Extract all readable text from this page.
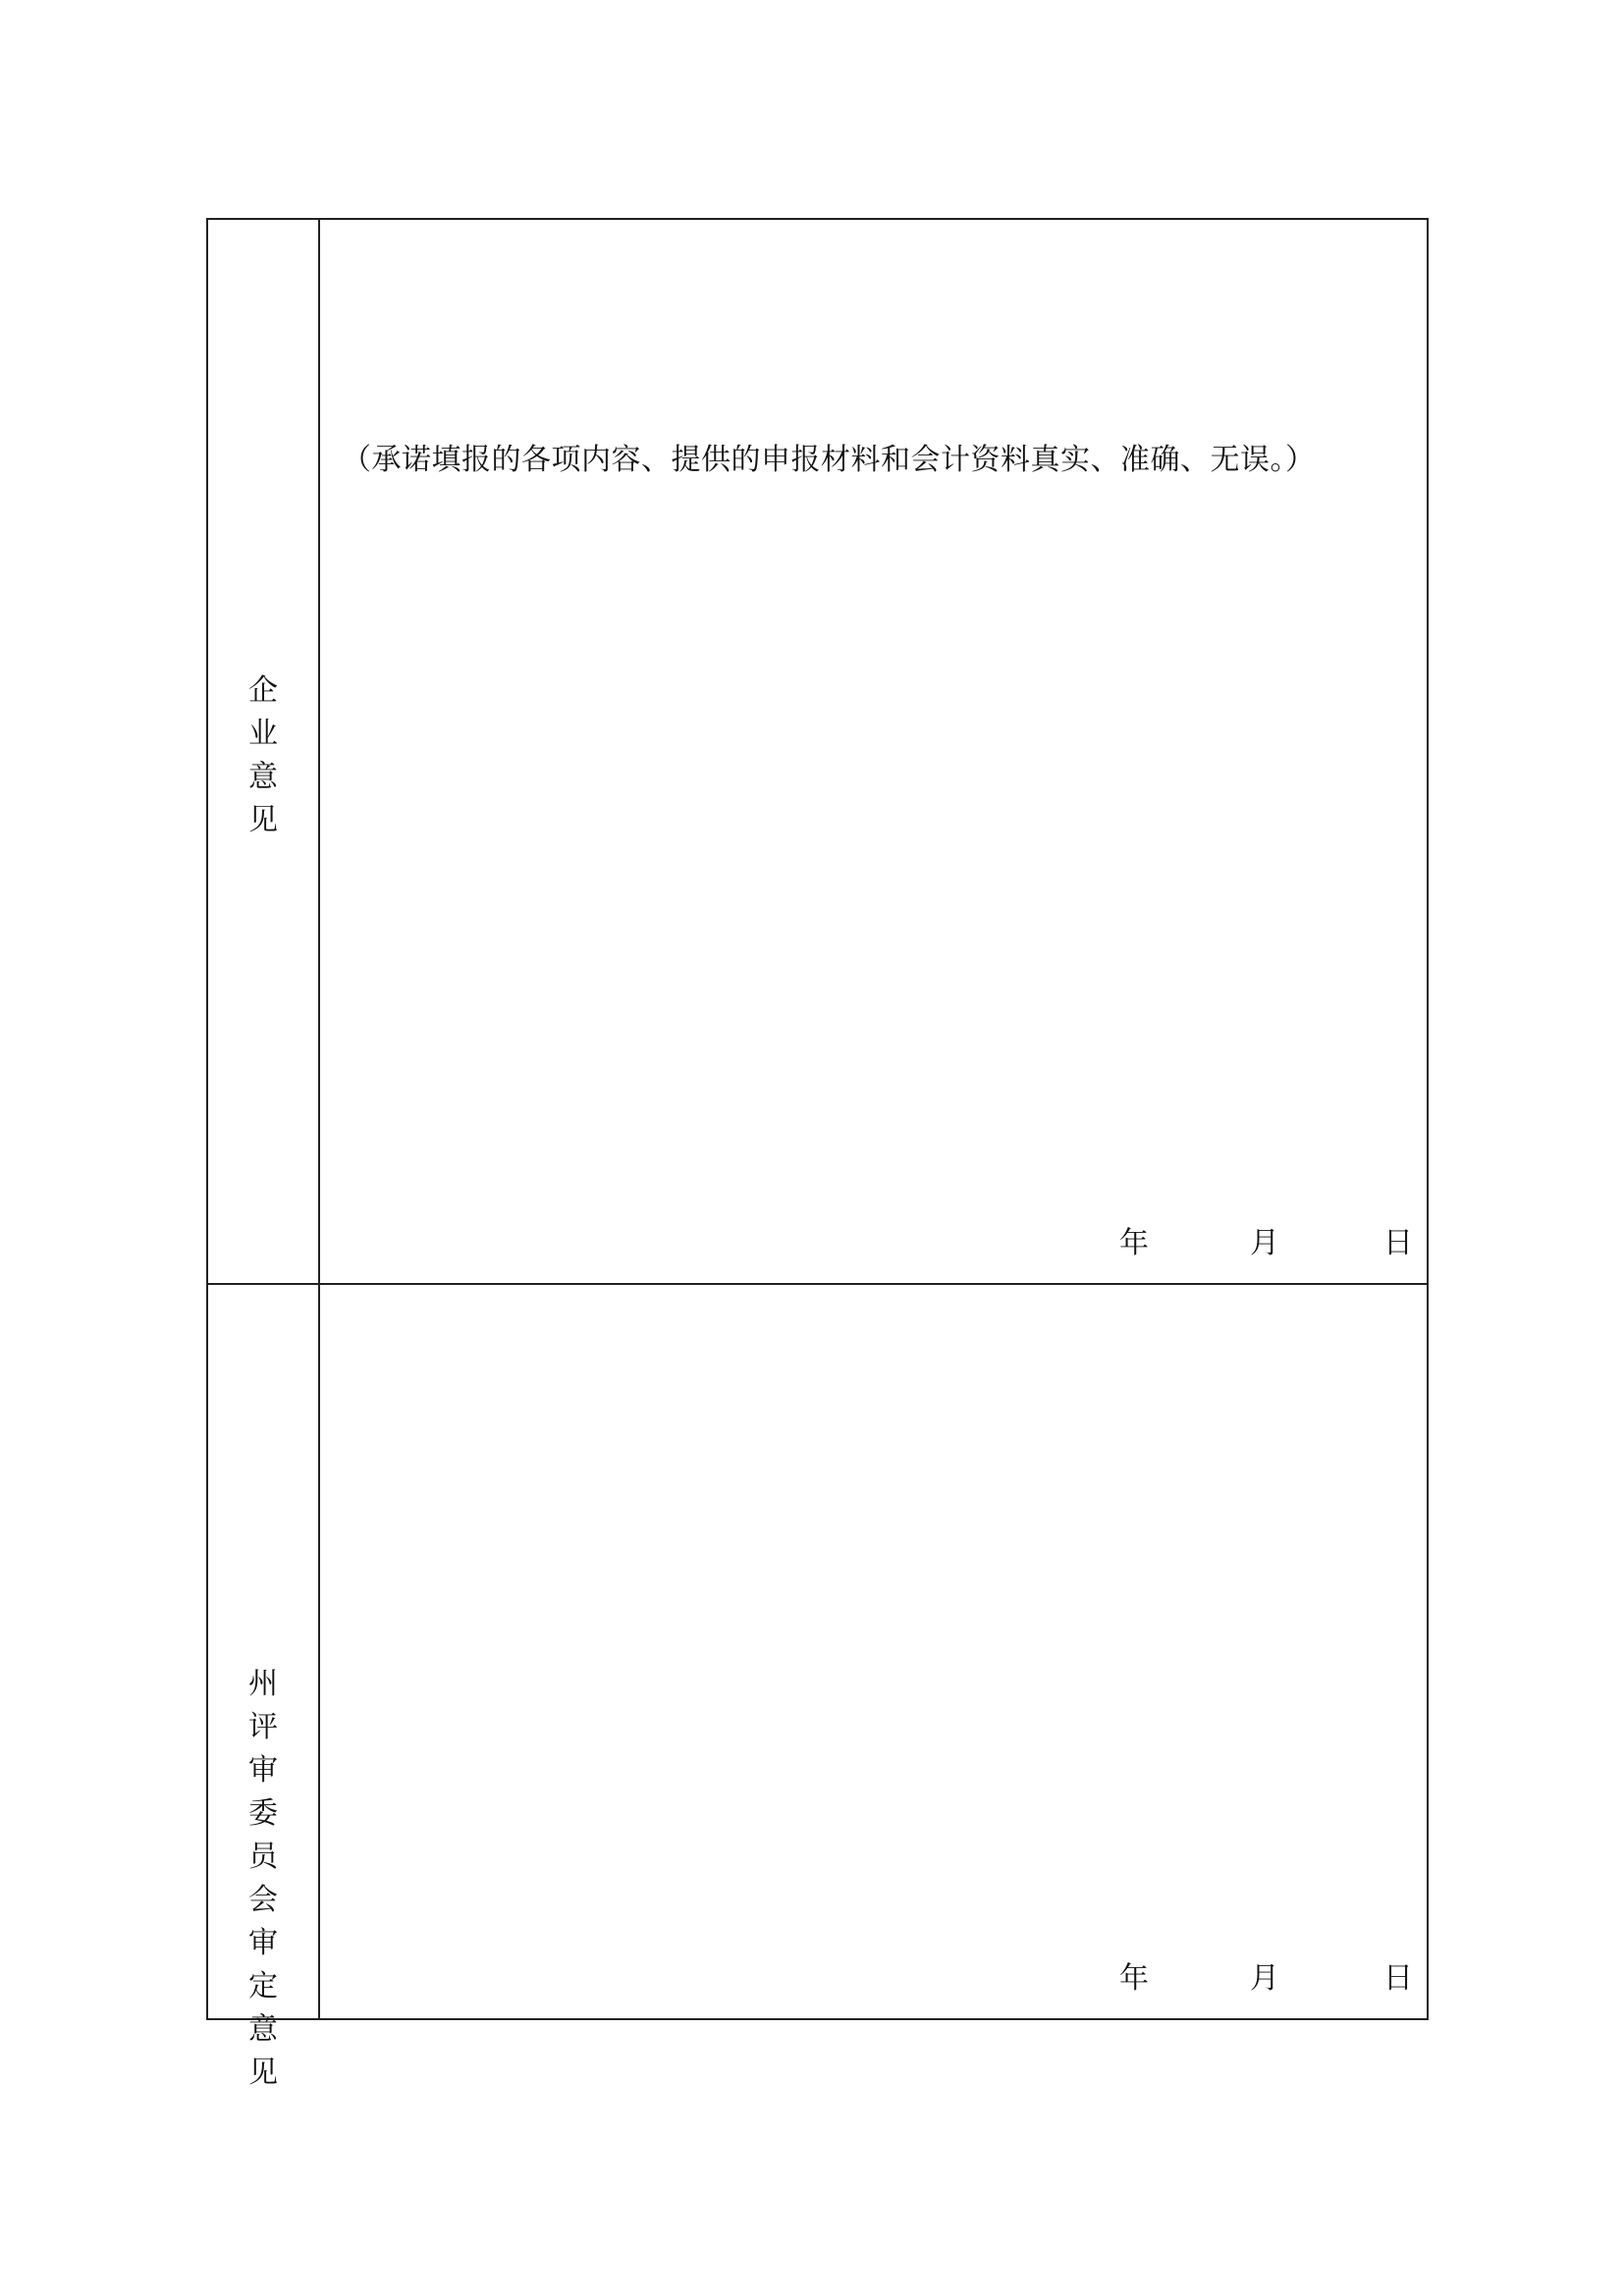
企
业
意
见
（承诺填报的各项内容、提供的申报材料和会计资料真实、准确、无误。）
年	月	日
州
评
审
委
员
会
审
定
意
见
年	月	日
